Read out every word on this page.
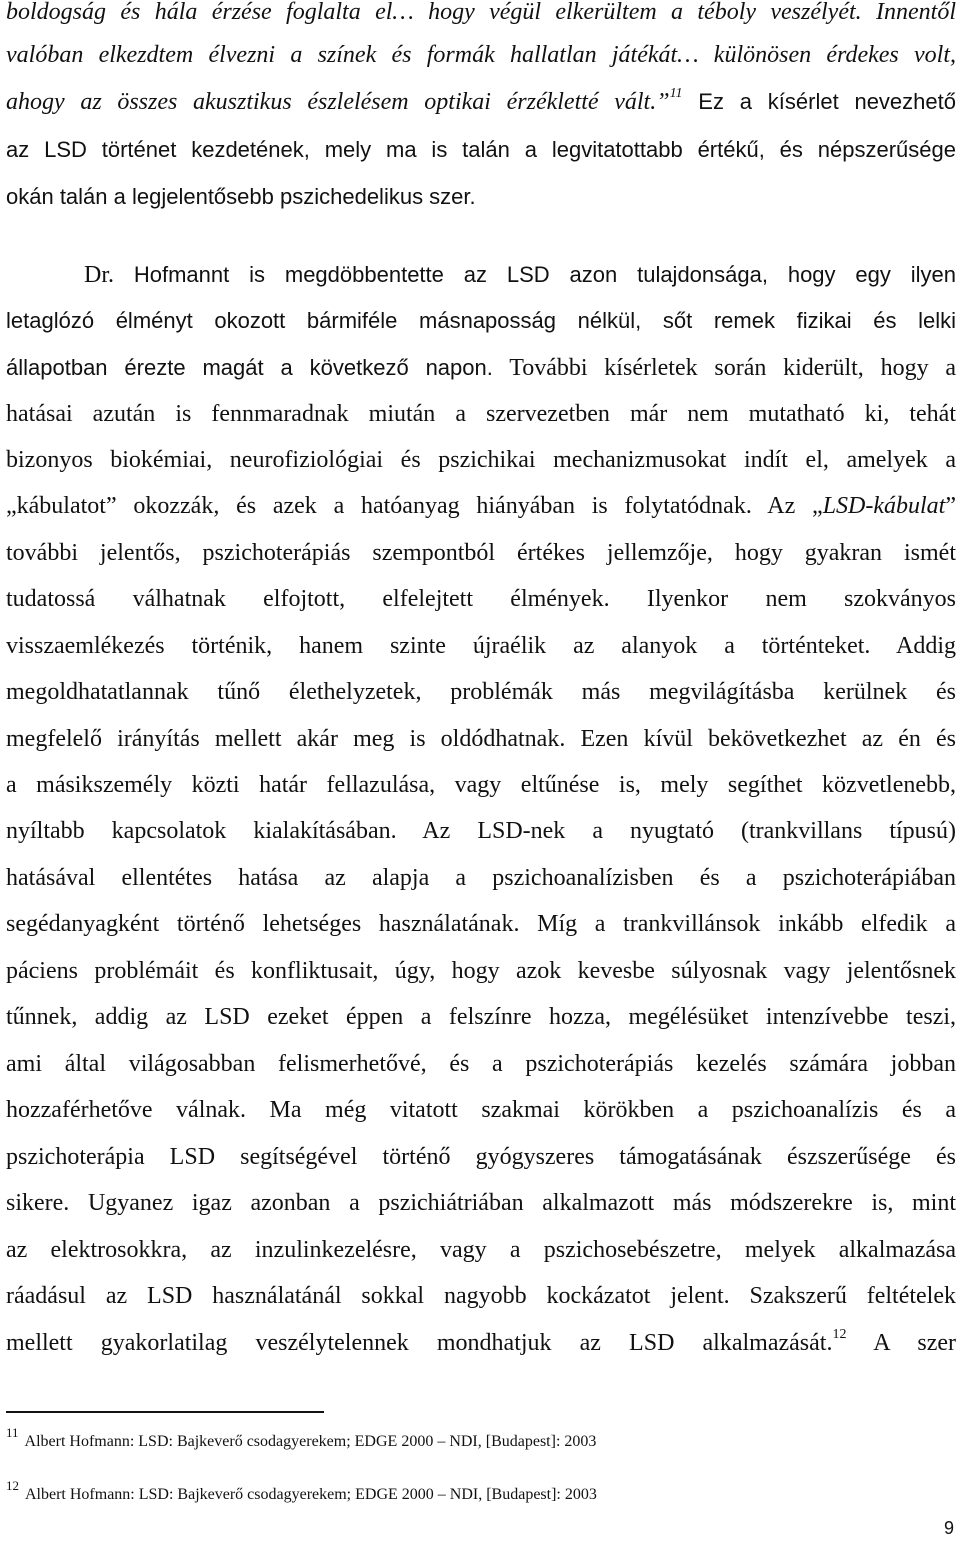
boldogság és hála érzése foglalta el… hogy végül elkerültem a téboly veszélyét. Innentől
valóban elkezdtem élvezni a színek és formák hallatlan játékát… különösen érdekes volt,
ahogy az összes akusztikus észlelésem optikai érzékletté vált.”$^{11}$ Ez a kísérlet nevezhető
az LSD történet kezdetének, mely ma is talán a legvitatottabb értékű, és népszerűsége
okán talán a legjelentősebb pszichedelikus szer.
Dr. Hofmannt is megdöbbentette az LSD azon tulajdonsága, hogy egy ilyen
letaglózó élményt okozott bármiféle másnaposság nélkül, sőt remek fizikai és lelki
állapotban érezte magát a következő napon. További kísérletek során kiderült, hogy a
hatásai azután is fennmaradnak miután a szervezetben már nem mutatható ki, tehát
bizonyos biokémiai, neurofiziológiai és pszichikai mechanizmusokat indít el, amelyek a
„kábulatot” okozzák, és azek a hatóanyag hiányában is folytatódnak. Az „LSD-kábulat”
további jelentős, pszichoterápiás szempontból értékes jellemzője, hogy gyakran ismét
tudatossá válhatnak elfojtott, elfelejtett élmények. Ilyenkor nem szokványos
visszaemlékezés történik, hanem szinte újraélik az alanyok a történteket. Addig
megoldhatatlannak tűnő élethelyzetek, problémák más megvilágításba kerülnek és
megfelelő irányítás mellett akár meg is oldódhatnak. Ezen kívül bekövetkezhet az én és
a másikszemély közti határ fellazulása, vagy eltűnése is, mely segíthet közvetlenebb,
nyíltabb kapcsolatok kialakításában. Az LSD-nek a nyugtató (trankvillans típusú)
hatásával ellentétes hatása az alapja a pszichoanalízisben és a pszichoterápiában
segédanyagként történő lehetséges használatának. Míg a trankvillánsok inkább elfedik a
páciens problémáit és konfliktusait, úgy, hogy azok kevesbe súlyosnak vagy jelentősnek
tűnnek, addig az LSD ezeket éppen a felszínre hozza, megélésüket intenzívebbe teszi,
ami által világosabban felismerhetővé, és a pszichoterápiás kezelés számára jobban
hozzaférhetőve válnak. Ma még vitatott szakmai körökben a pszichoanalízis és a
pszichoterápia LSD segítségével történő gyógyszeres támogatásának észszerűsége és
sikere. Ugyanez igaz azonban a pszichiátriában alkalmazott más módszerekre is, mint
az elektrosokkra, az inzulinkezelésre, vagy a pszichosebészetre, melyek alkalmazása
ráadásul az LSD használatánál sokkal nagyobb kockázatot jelent. Szakszerű feltételek
mellett gyakorlatilag veszélytelennek mondhatjuk az LSD alkalmazását.$^{12}$ A szer
$^{11}$Albert Hofmann: LSD: Bajkeverő csodagyerekem; EDGE 2000 – NDI, [Budapest]: 2003
$^{12}$Albert Hofmann: LSD: Bajkeverő csodagyerekem; EDGE 2000 – NDI, [Budapest]: 2003
9
